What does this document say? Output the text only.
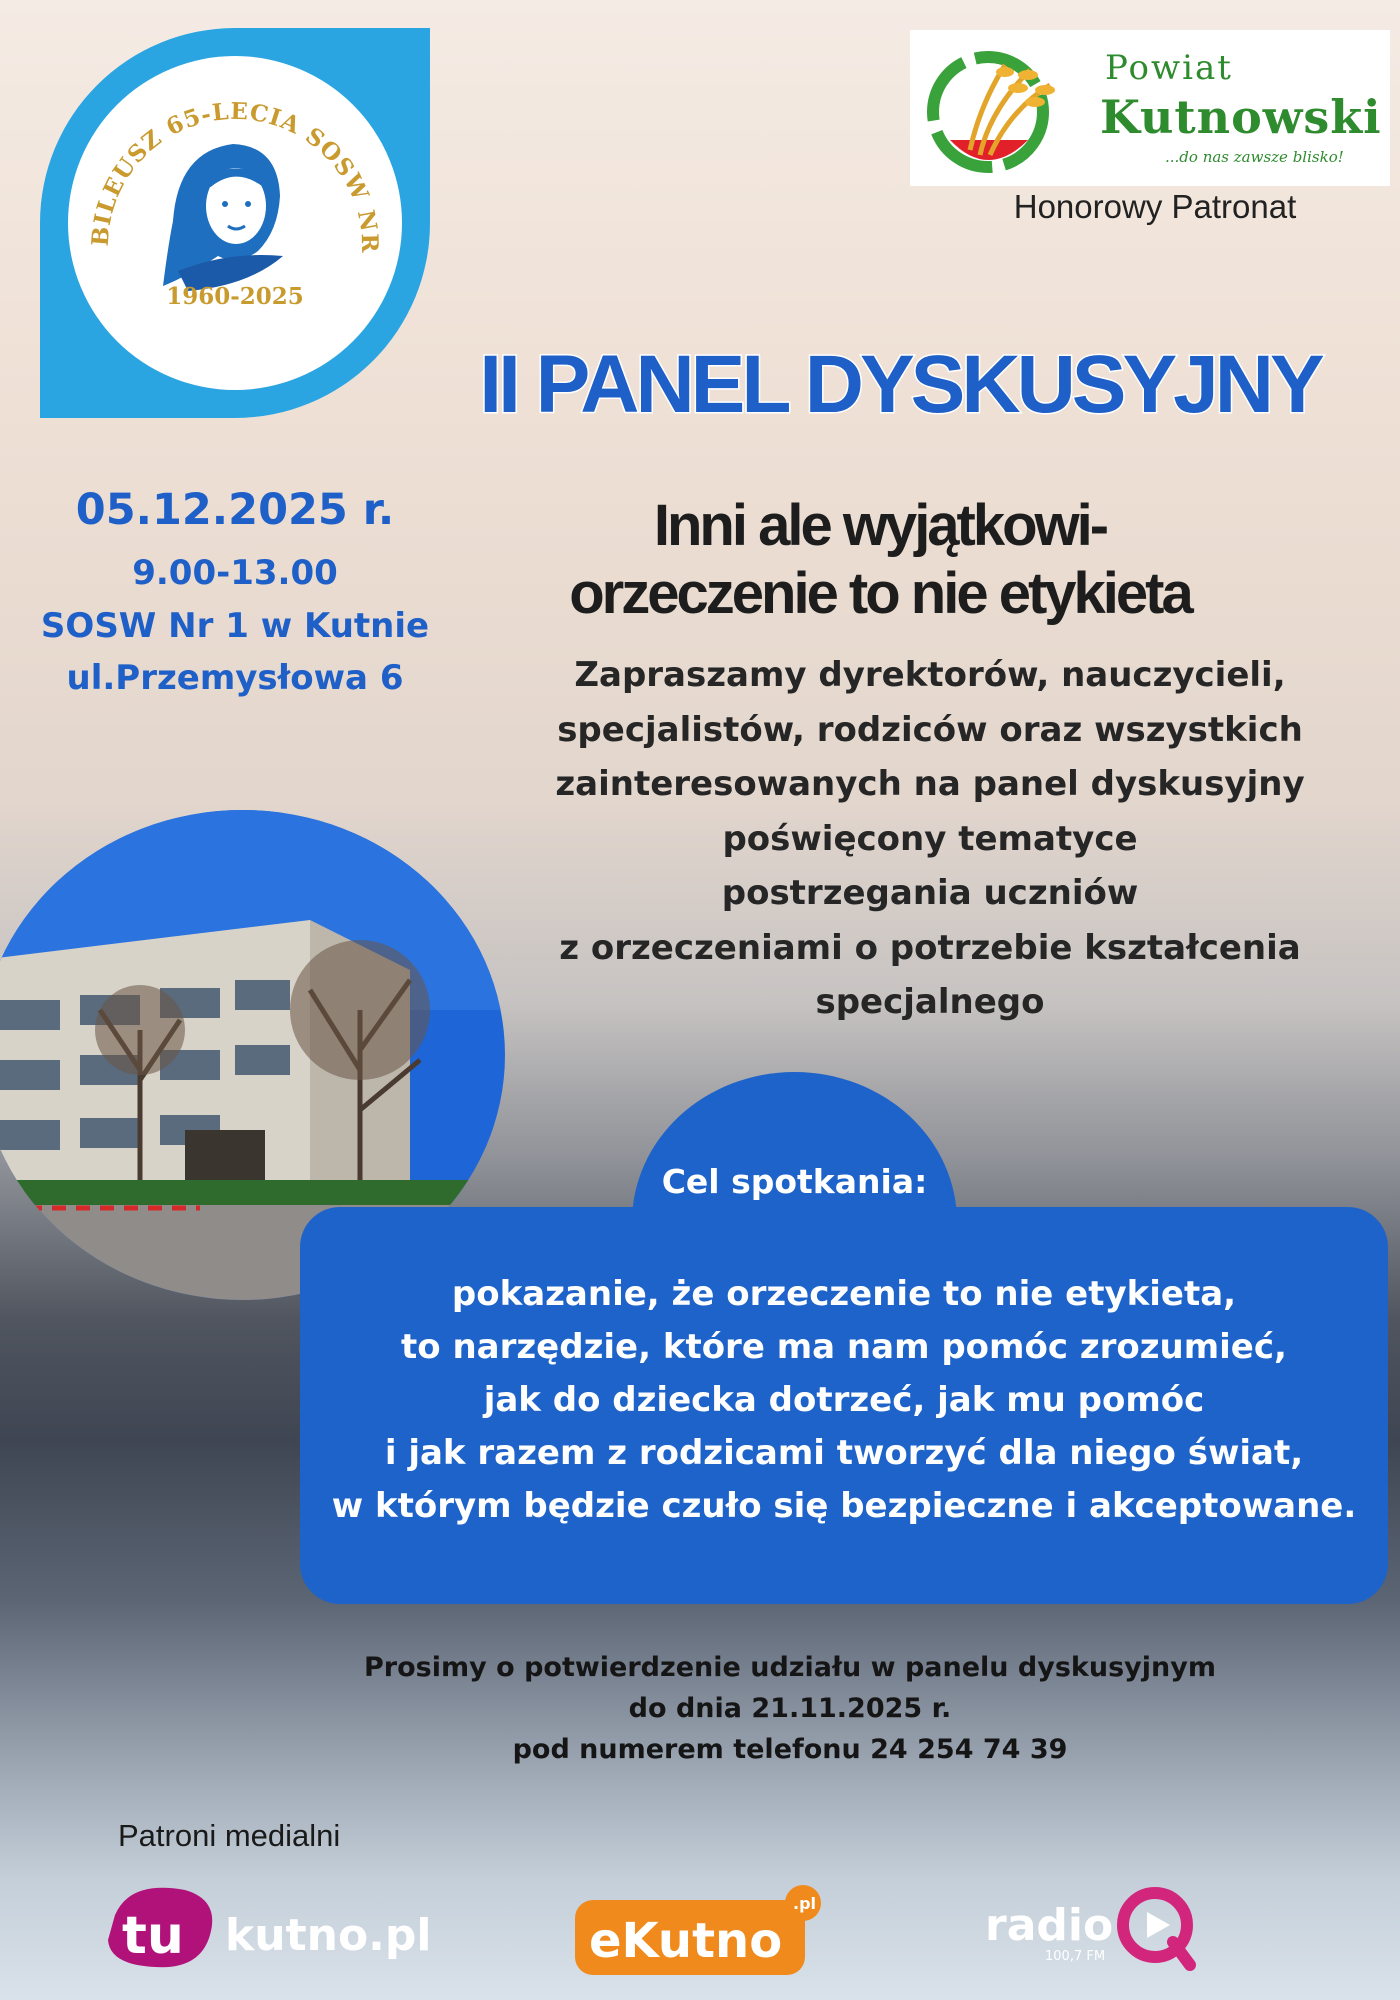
BILEUSZ 65-LECIA SOSW NR
1960-2025
Powiat
Kutnowski
...do nas zawsze blisko!
Honorowy Patronat
II PANEL DYSKUSYJNY
05.12.2025 r.
9.00-13.00
SOSW Nr 1 w Kutnie
ul.Przemysłowa 6
Inni ale wyjątkowi-
orzeczenie to nie etykieta
Zapraszamy dyrektorów, nauczycieli,
specjalistów, rodziców oraz wszystkich
zainteresowanych na panel dyskusyjny
poświęcony tematyce
postrzegania uczniów
z orzeczeniami o potrzebie kształcenia
specjalnego
Cel spotkania:
pokazanie, że orzeczenie to nie etykieta,
to narzędzie, które ma nam pomóc zrozumieć,
jak do dziecka dotrzeć, jak mu pomóc
i jak razem z rodzicami tworzyć dla niego świat,
w którym będzie czuło się bezpieczne i akceptowane.
Prosimy o potwierdzenie udziału w panelu dyskusyjnym
do dnia 21.11.2025 r.
pod numerem telefonu 24 254 74 39
Patroni medialni
tu kutno.pl	eKutno
.pl	radio
100,7 FM
